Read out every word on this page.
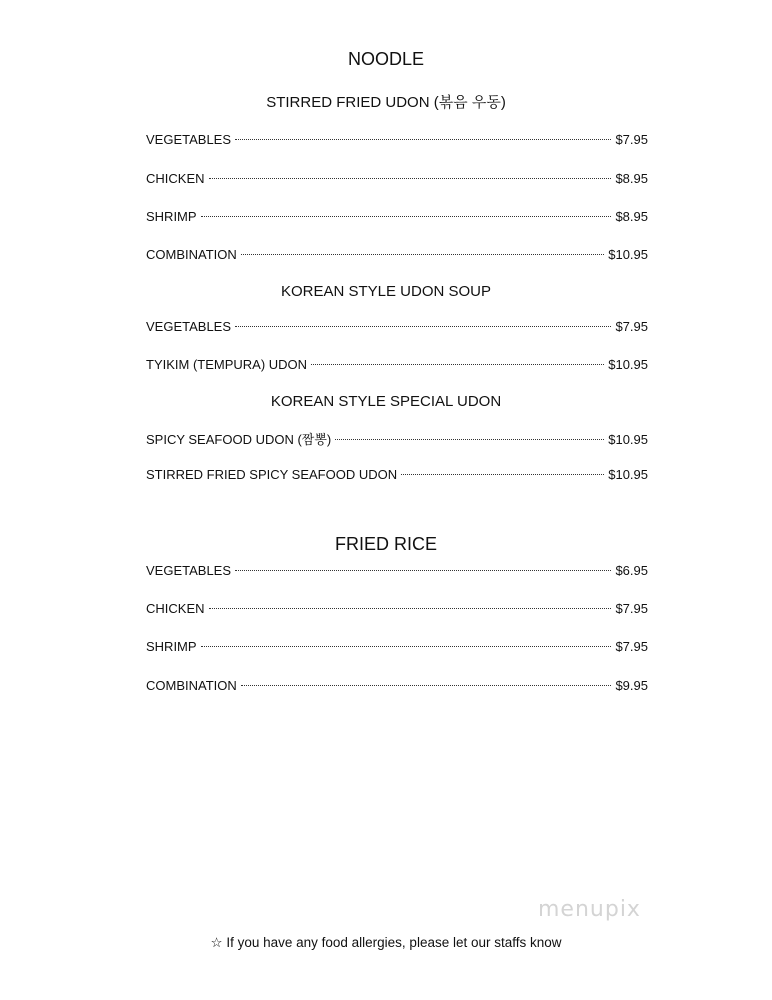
NOODLE
STIRRED FRIED UDON (볶음 우동)
VEGETABLES	$7.95
CHICKEN	$8.95
SHRIMP	$8.95
COMBINATION	$10.95
KOREAN STYLE UDON SOUP
VEGETABLES	$7.95
TYIKIM (TEMPURA) UDON	$10.95
KOREAN STYLE SPECIAL UDON
SPICY SEAFOOD UDON (짬뽕)	$10.95
STIRRED FRIED SPICY SEAFOOD UDON	$10.95
FRIED RICE
VEGETABLES	$6.95
CHICKEN	$7.95
SHRIMP	$7.95
COMBINATION	$9.95
menupix
☆ If you have any food allergies, please let our staffs know
